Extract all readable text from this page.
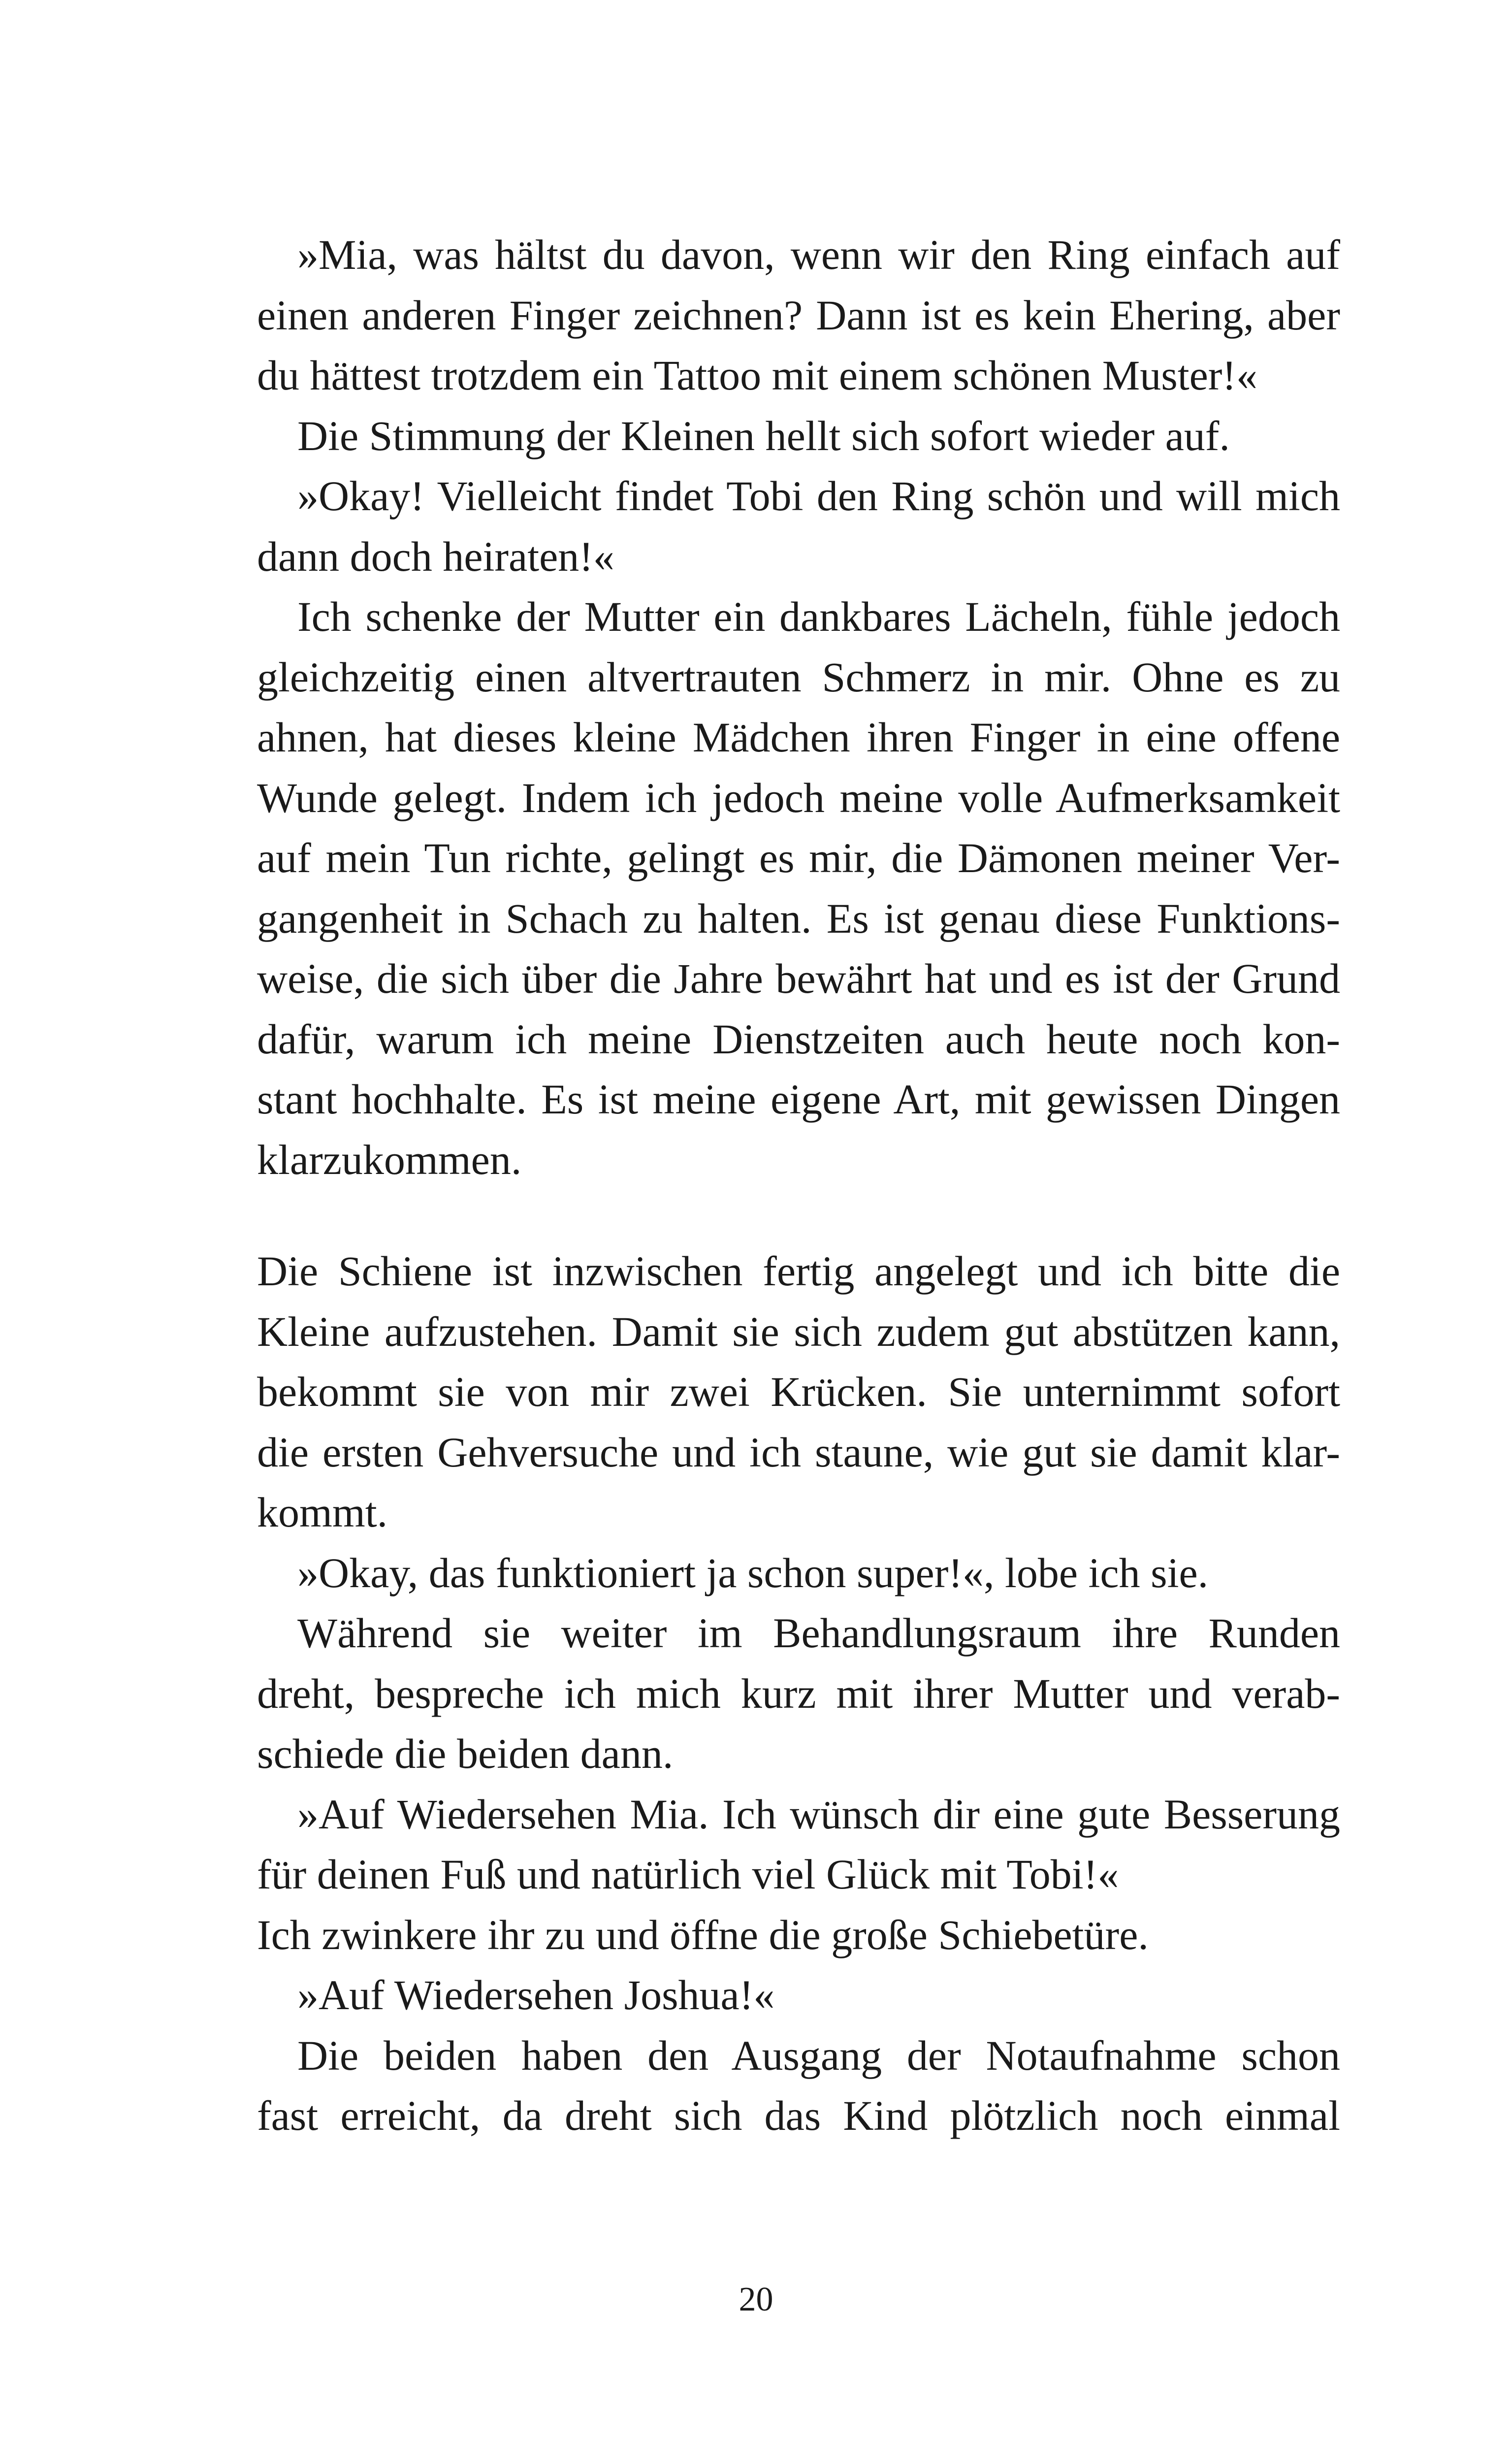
»Mia, was hältst du davon, wenn wir den Ring einfach auf
einen anderen Finger zeichnen? Dann ist es kein Ehering, aber
du hättest trotzdem ein Tattoo mit einem schönen Muster!«
Die Stimmung der Kleinen hellt sich sofort wieder auf.
»Okay! Vielleicht findet Tobi den Ring schön und will mich
dann doch heiraten!«
Ich schenke der Mutter ein dankbares Lächeln, fühle jedoch
gleichzeitig einen altvertrauten Schmerz in mir. Ohne es zu
ahnen, hat dieses kleine Mädchen ihren Finger in eine offene
Wunde gelegt. Indem ich jedoch meine volle Aufmerksamkeit
auf mein Tun richte, gelingt es mir, die Dämonen meiner Ver-
gangenheit in Schach zu halten. Es ist genau diese Funktions-
weise, die sich über die Jahre bewährt hat und es ist der Grund
dafür, warum ich meine Dienstzeiten auch heute noch kon-
stant hochhalte. Es ist meine eigene Art, mit gewissen Dingen
klarzukommen.
Die Schiene ist inzwischen fertig angelegt und ich bitte die
Kleine aufzustehen. Damit sie sich zudem gut abstützen kann,
bekommt sie von mir zwei Krücken. Sie unternimmt sofort
die ersten Gehversuche und ich staune, wie gut sie damit klar-
kommt.
»Okay, das funktioniert ja schon super!«, lobe ich sie.
Während sie weiter im Behandlungsraum ihre Runden
dreht, bespreche ich mich kurz mit ihrer Mutter und verab-
schiede die beiden dann.
»Auf Wiedersehen Mia. Ich wünsch dir eine gute Besserung
für deinen Fuß und natürlich viel Glück mit Tobi!«
Ich zwinkere ihr zu und öffne die große Schiebetüre.
»Auf Wiedersehen Joshua!«
Die beiden haben den Ausgang der Notaufnahme schon
fast erreicht, da dreht sich das Kind plötzlich noch einmal
20
